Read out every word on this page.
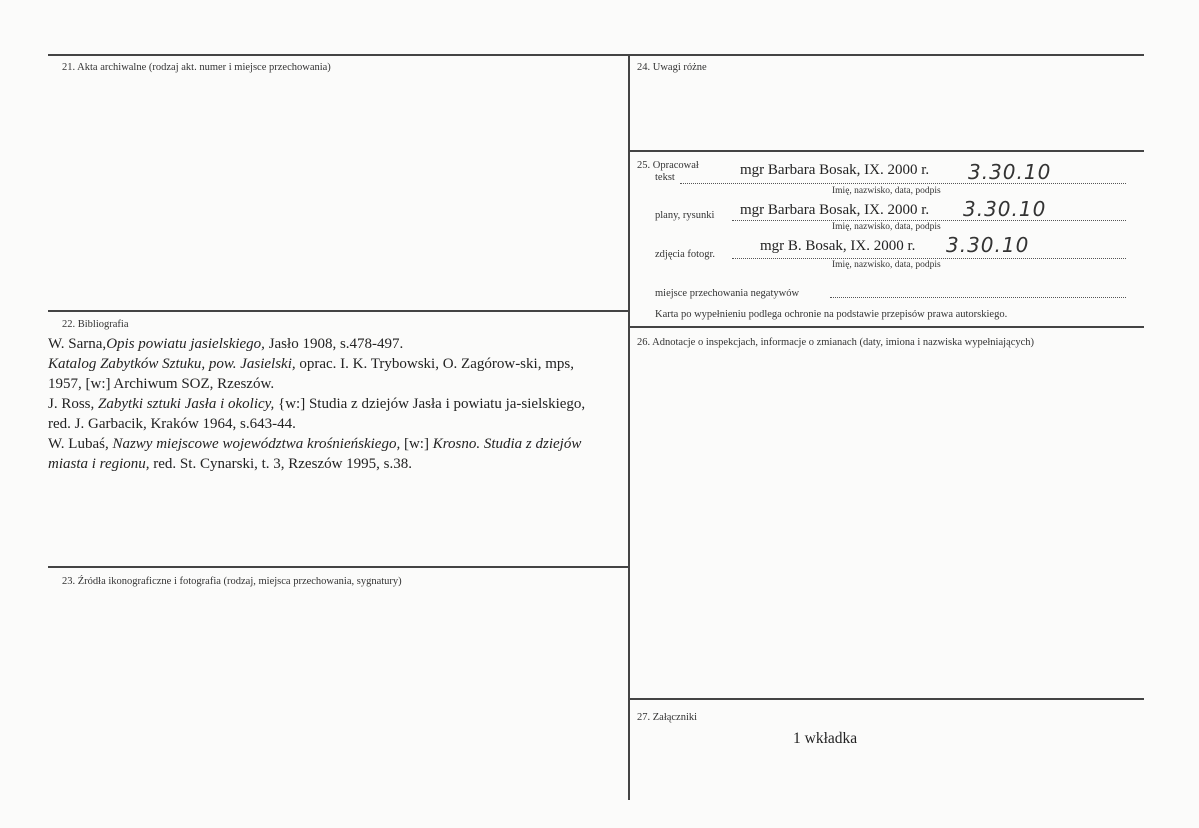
21. Akta archiwalne (rodzaj akt. numer i miejsce przechowania)
22. Bibliografia
23. Źródła ikonograficzne i fotografia (rodzaj, miejsca przechowania, sygnatury)
24. Uwagi różne
25. Opracował
26. Adnotacje o inspekcjach, informacje o zmianach (daty, imiona i nazwiska wypełniających)
27. Załączniki

W. Sarna,Opis powiatu jasielskiego, Jasło 1908, s.478-497.

Katalog Zabytków Sztuku, pow. Jasielski, oprac. I. K. Trybowski, O. Zagórow-ski, mps, 1957, [w:] Archiwum SOZ, Rzeszów.

J. Ross, Zabytki sztuki Jasła i okolicy, {w:] Studia z dziejów Jasła i powiatu ja-sielskiego, red. J. Garbacik, Kraków 1964, s.643-44.

W. Lubaś, Nazwy miejscowe województwa krośnieńskiego, [w:] Krosno. Studia z dziejów miasta i regionu, red. St. Cynarski, t. 3, Rzeszów 1995, s.38.

tekst	mgr Barbara Bosak, IX. 2000 r. 3.30.10
Imię, nazwisko, data, podpis
plany, rysunki mgr Barbara Bosak, IX. 2000 r. 3.30.10
Imię, nazwisko, data, podpis
zdjęcia fotogr.
mgr B. Bosak, IX. 2000 r. 3.30.10
Imię, nazwisko, data, podpis
miejsce przechowania negatywów
Karta po wypełnieniu podlega ochronie na podstawie przepisów prawa autorskiego.
1 wkładka
